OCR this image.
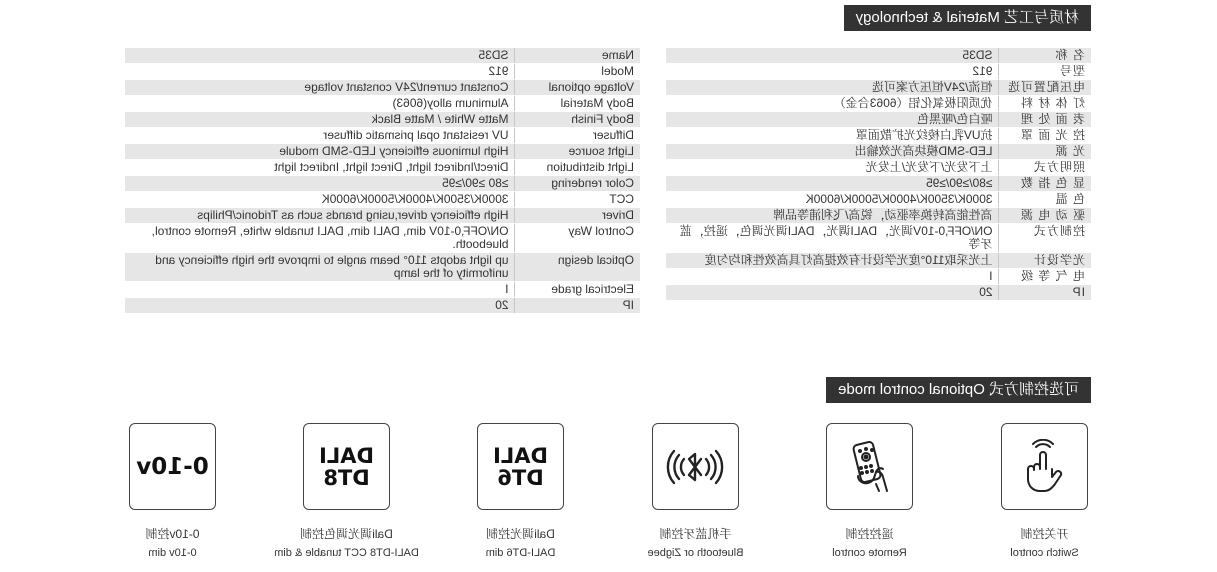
材质与工艺 Material & technology
名 称	SD35
型号	912
电压配置可选	恒流/24V恒压方案可选
灯 体 材 料	优质阳极氧化铝（6063合金）
表 面 处 理	哑白色/哑黑色
控 光 面 罩	抗UV乳白棱纹光扩散面罩
光 源	LED-SMD模块高光效输出
照明方式	上下发光/下发光/上发光
显 色 指 数	≥80/≥90/≥95
色 温	3000K/3500K/4000K/5000K/6000K
驱 动 电 源	高性能高转换率驱动，锐高/飞利浦等品牌
控制方式	ON/OFF,0-10V调光，DALI调光，DALI调光调色，遥控，蓝牙等
光学设计	上光采取110°度光学设计有效提高灯具高效性和均匀度
电 气 等 级	I
IP	20
Name	SD35
Model	912
Voltage optional	Constant current/24V constant voltage
Body Material	Aluminum alloy(6063)
Body Finish	Matte White / Matte Black
Diffuser	UV resistant opal prismatic diffuser
Light source	High luminous efficiency LED-SMD module
Light distribution	Direct/Indirect light, Direct light, Indirect light
Color rendering	≥80 ≥90/≥95
CCT	3000K/3500K/4000K/5000K/6000K
Driver	High efficiency driver,using brands such as Tridonic/Philips
Control Way	ON/OFF,0-10V dim, DALI dim, DALI tunable white, Remote control, bluebooth.
Optical design	up light adopts 110° beam angle to improve the high efficiency and uniformity of the lamp
Electrical grade	I
IP	20
可选控制方式 Optional control mode
开关控制
Switch control
遥控控制
Remote control
手机蓝牙控制
Bluetooth or Zigbee
DALI
DT6
Dali调光控制
DALI-DT6 dim
DALI
DT8
Dali调光调色控制
DALI-DT8 CCT tunable & dim
0-10v
0-10v控制
0-10v dim
